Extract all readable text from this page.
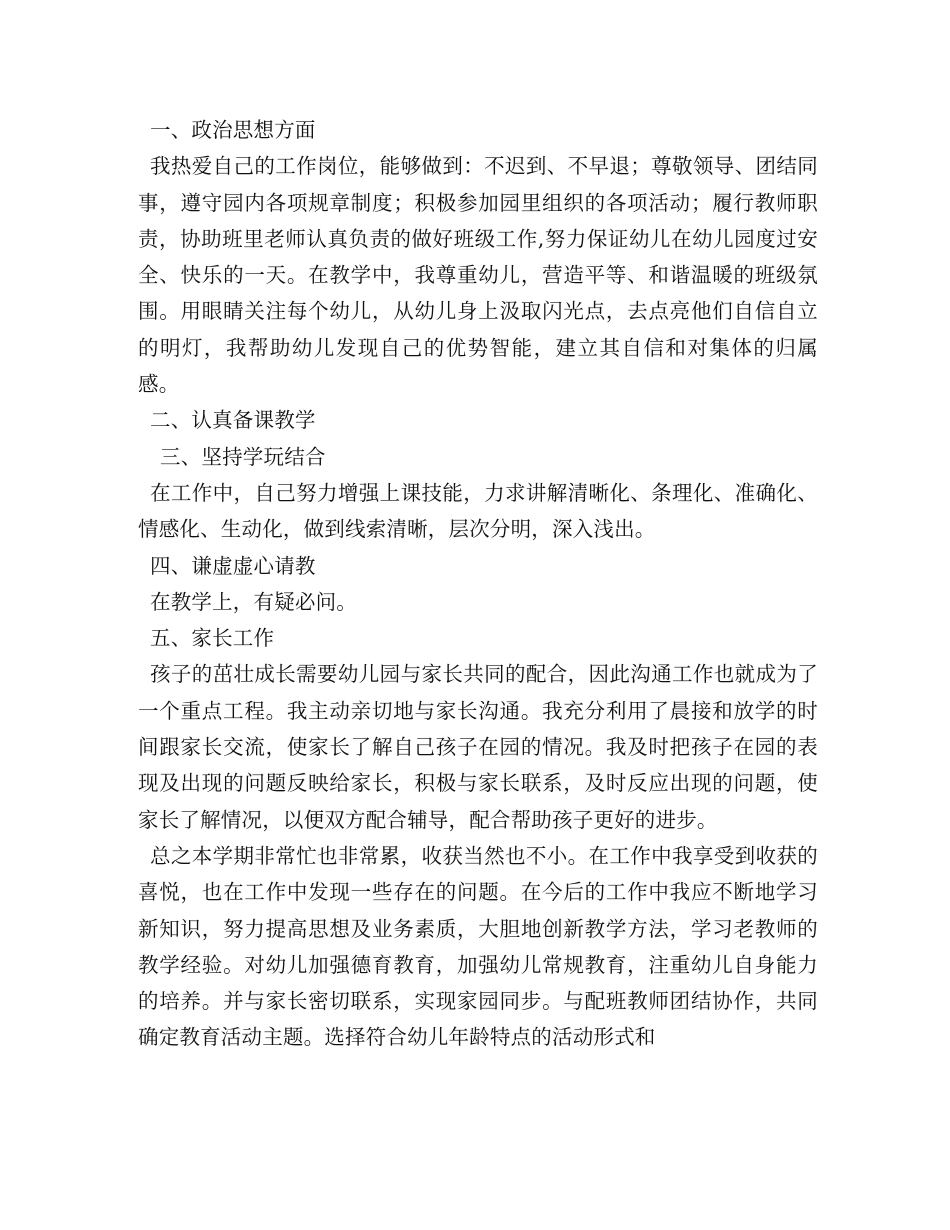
一、政治思想方面

我热爱自己的工作岗位，能够做到：不迟到、不早退；尊敬领导、团结同事，遵守园内各项规章制度；积极参加园里组织的各项活动；履行教师职责，协助班里老师认真负责的做好班级工作,努力保证幼儿在幼儿园度过安全、快乐的一天。在教学中，我尊重幼儿，营造平等、和谐温暖的班级氛围。用眼睛关注每个幼儿，从幼儿身上汲取闪光点，去点亮他们自信自立的明灯，我帮助幼儿发现自己的优势智能，建立其自信和对集体的归属感。

二、认真备课教学
三、坚持学玩结合

在工作中，自己努力增强上课技能，力求讲解清晰化、条理化、准确化、情感化、生动化，做到线索清晰，层次分明，深入浅出。

四、谦虚虚心请教

在教学上，有疑必问。

五、家长工作

孩子的茁壮成长需要幼儿园与家长共同的配合，因此沟通工作也就成为了一个重点工程。我主动亲切地与家长沟通。我充分利用了晨接和放学的时间跟家长交流，使家长了解自己孩子在园的情况。我及时把孩子在园的表现及出现的问题反映给家长，积极与家长联系，及时反应出现的问题，使家长了解情况，以便双方配合辅导，配合帮助孩子更好的进步。

总之本学期非常忙也非常累，收获当然也不小。在工作中我享受到收获的喜悦，也在工作中发现一些存在的问题。在今后的工作中我应不断地学习新知识，努力提高思想及业务素质，大胆地创新教学方法，学习老教师的教学经验。对幼儿加强德育教育，加强幼儿常规教育，注重幼儿自身能力的培养。并与家长密切联系，实现家园同步。与配班教师团结协作，共同确定教育活动主题。选择符合幼儿年龄特点的活动形式和
